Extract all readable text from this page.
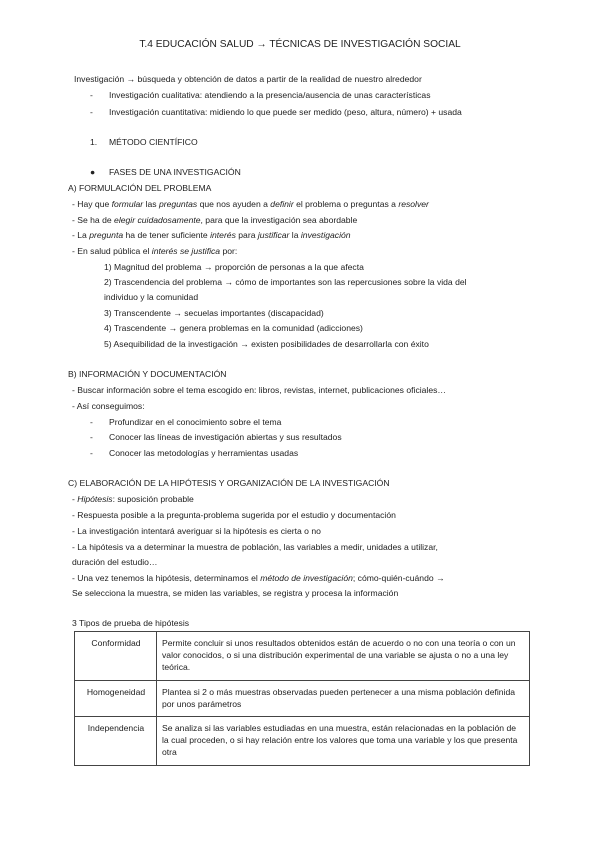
T.4 EDUCACIÓN SALUD → TÉCNICAS DE INVESTIGACIÓN SOCIAL
Investigación → búsqueda y obtención de datos a partir de la realidad de nuestro alrededor
- Investigación cualitativa: atendiendo a la presencia/ausencia de unas características
- Investigación cuantitativa: midiendo lo que puede ser medido (peso, altura, número) + usada
1. MÉTODO CIENTÍFICO
● FASES DE UNA INVESTIGACIÓN
A) FORMULACIÓN DEL PROBLEMA
- Hay que formular las preguntas que nos ayuden a definir el problema o preguntas a resolver
- Se ha de elegir cuidadosamente, para que la investigación sea abordable
- La pregunta ha de tener suficiente interés para justificar la investigación
- En salud pública el interés se justifica por:
1) Magnitud del problema → proporción de personas a la que afecta
2) Trascendencia del problema → cómo de importantes son las repercusiones sobre la vida del
individuo y la comunidad
3) Transcendente → secuelas importantes (discapacidad)
4) Trascendente → genera problemas en la comunidad (adicciones)
5) Asequibilidad de la investigación → existen posibilidades de desarrollarla con éxito
B) INFORMACIÓN Y DOCUMENTACIÓN
- Buscar información sobre el tema escogido en: libros, revistas, internet, publicaciones oficiales…
- Así conseguimos:
- Profundizar en el conocimiento sobre el tema
- Conocer las líneas de investigación abiertas y sus resultados
- Conocer las metodologías y herramientas usadas
C) ELABORACIÓN DE LA HIPÓTESIS Y ORGANIZACIÓN DE LA INVESTIGACIÓN
- Hipótesis: suposición probable
- Respuesta posible a la pregunta-problema sugerida por el estudio y documentación
- La investigación intentará averiguar si la hipótesis es cierta o no
- La hipótesis va a determinar la muestra de población, las variables a medir, unidades a utilizar,
duración del estudio…
- Una vez tenemos la hipótesis, determinamos el método de investigación; cómo-quién-cuándo →
Se selecciona la muestra, se miden las variables, se registra y procesa la información
3 Tipos de prueba de hipótesis
Conformidad	Permite concluir si unos resultados obtenidos están de acuerdo o no con una teoría o con un valor conocidos, o si una distribución experimental de una variable se ajusta o no a una ley teórica.
Homogeneidad	Plantea si 2 o más muestras observadas pueden pertenecer a una misma población definida por unos parámetros
Independencia	Se analiza si las variables estudiadas en una muestra, están relacionadas en la población de la cual proceden, o si hay relación entre los valores que toma una variable y los que presenta otra
